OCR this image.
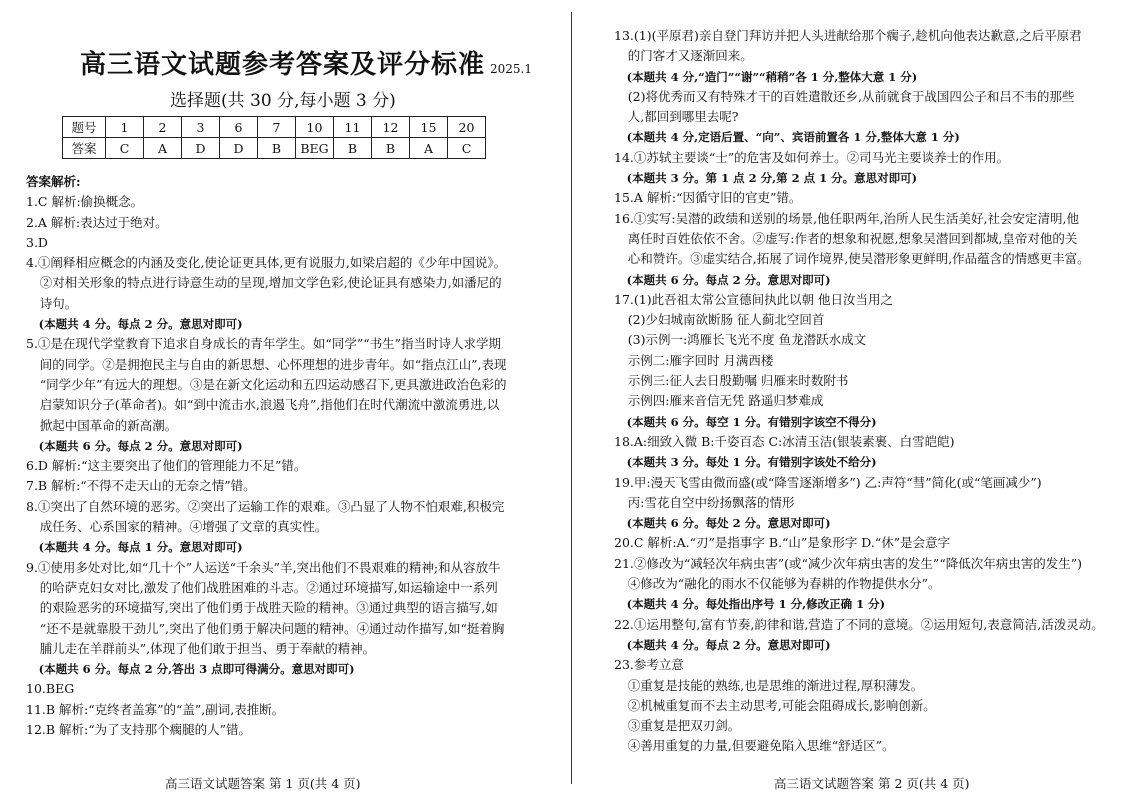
高三语文试题参考答案及评分标准 2025.1
选择题(共 30 分,每小题 3 分)
题号	1	2	3	6	7	10	11	12	15	20
答案	C	A	D	D	B	BEG	B	B	A	C
答案解析:
1.C 解析:偷换概念。
2.A 解析:表达过于绝对。
3.D
4.①阐释相应概念的内涵及变化,使论证更具体,更有说服力,如梁启超的《少年中国说》。
②对相关形象的特点进行诗意生动的呈现,增加文学色彩,使论证具有感染力,如潘尼的
诗句。
(本题共 4 分。每点 2 分。意思对即可)
5.①是在现代学堂教育下追求自身成长的青年学生。如“同学”“书生”指当时诗人求学期
间的同学。②是拥抱民主与自由的新思想、心怀理想的进步青年。如“指点江山”,表现
“同学少年”有远大的理想。③是在新文化运动和五四运动感召下,更具激进政治色彩的
启蒙知识分子(革命者)。如“到中流击水,浪遏飞舟”,指他们在时代潮流中激流勇进,以
掀起中国革命的新高潮。
(本题共 6 分。每点 2 分。意思对即可)
6.D 解析:“这主要突出了他们的管理能力不足”错。
7.B 解析:“不得不走天山的无奈之情”错。
8.①突出了自然环境的恶劣。②突出了运输工作的艰难。③凸显了人物不怕艰难,积极完
成任务、心系国家的精神。④增强了文章的真实性。
(本题共 4 分。每点 1 分。意思对即可)
9.①使用多处对比,如“几十个”人运送“千余头”羊,突出他们不畏艰难的精神;和从容放牛
的哈萨克妇女对比,激发了他们战胜困难的斗志。②通过环境描写,如运输途中一系列
的艰险恶劣的环境描写,突出了他们勇于战胜天险的精神。③通过典型的语言描写,如
“还不是就靠股干劲儿”,突出了他们勇于解决问题的精神。④通过动作描写,如“挺着胸
脯儿走在羊群前头”,体现了他们敢于担当、勇于奉献的精神。
(本题共 6 分。每点 2 分,答出 3 点即可得满分。意思对即可)
10.BEG
11.B 解析:“克终者盖寡”的“盖”,副词,表推断。
12.B 解析:“为了支持那个瘸腿的人”错。
高三语文试题答案 第 1 页(共 4 页)
13.(1)(平原君)亲自登门拜访并把人头进献给那个瘸子,趁机向他表达歉意,之后平原君
的门客才又逐渐回来。
(本题共 4 分,“造门”“谢”“稍稍”各 1 分,整体大意 1 分)
(2)将优秀而又有特殊才干的百姓遣散还乡,从前就食于战国四公子和吕不韦的那些
人,都回到哪里去呢?
(本题共 4 分,定语后置、“向”、宾语前置各 1 分,整体大意 1 分)
14.①苏轼主要谈“士”的危害及如何养士。②司马光主要谈养士的作用。
(本题共 3 分。第 1 点 2 分,第 2 点 1 分。意思对即可)
15.A 解析:“因循守旧的官吏”错。
16.①实写:吴潜的政绩和送别的场景,他任职两年,治所人民生活美好,社会安定清明,他
离任时百姓依依不舍。②虚写:作者的想象和祝愿,想象吴潜回到都城,皇帝对他的关
心和赞许。③虚实结合,拓展了词作境界,使吴潜形象更鲜明,作品蕴含的情感更丰富。
(本题共 6 分。每点 2 分。意思对即可)
17.(1)此吾祖太常公宣德间执此以朝 他日汝当用之
(2)少妇城南欲断肠 征人蓟北空回首
(3)示例一:鸿雁长飞光不度 鱼龙潜跃水成文
示例二:雁字回时 月满西楼
示例三:征人去日殷勤嘱 归雁来时数附书
示例四:雁来音信无凭 路遥归梦难成
(本题共 6 分。每空 1 分。有错别字该空不得分)
18.A:细致入微 B:千姿百态 C:冰清玉洁(银装素裹、白雪皑皑)
(本题共 3 分。每处 1 分。有错别字该处不给分)
19.甲:漫天飞雪由微而盛(或“降雪逐渐增多”) 乙:声符“彗”简化(或“笔画减少”)
丙:雪花自空中纷扬飘落的情形
(本题共 6 分。每处 2 分。意思对即可)
20.C 解析:A.“刃”是指事字 B.“山”是象形字 D.“休”是会意字
21.②修改为“减轻次年病虫害”(或“减少次年病虫害的发生”“降低次年病虫害的发生”)
④修改为“融化的雨水不仅能够为春耕的作物提供水分”。
(本题共 4 分。每处指出序号 1 分,修改正确 1 分)
22.①运用整句,富有节奏,韵律和谐,营造了不同的意境。②运用短句,表意简洁,活泼灵动。
(本题共 4 分。每点 2 分。意思对即可)
23.参考立意
①重复是技能的熟练,也是思维的渐进过程,厚积薄发。
②机械重复而不去主动思考,可能会阻碍成长,影响创新。
③重复是把双刃剑。
④善用重复的力量,但要避免陷入思维“舒适区”。
高三语文试题答案 第 2 页(共 4 页)
